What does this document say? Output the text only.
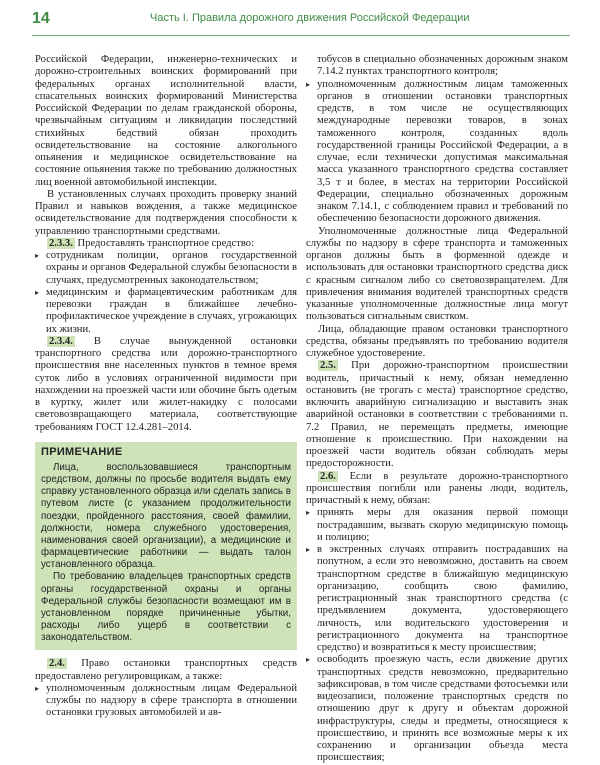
14	Часть I. Правила дорожного движения Российской Федерации

Российской Федерации, инженерно-технических и дорожно-строительных воинских формирований при федеральных органах исполнительной власти, спасательных воинских формирований Министерства Российской Федерации по делам гражданской обороны, чрезвычайным ситуациям и ликвидации последствий стихийных бедствий обязан проходить освидетельствование на состояние алкогольного опьянения и медицинское освидетельствование на состояние опьянения также по требованию должностных лиц военной автомобильной инспекции.

В установленных случаях проходить проверку знаний Правил и навыков вождения, а также медицинское освидетельствование для подтверждения способности к управлению транспортными средствами.

2.3.3. Предоставлять транспортное средство:

▸ сотрудникам полиции, органов государственной охраны и органов Федеральной службы безопасности в случаях, предусмотренных законодательством;
▸ медицинским и фармацевтическим работникам для перевозки граждан в ближайшее лечебно-профилактическое учреждение в случаях, угрожающих их жизни.

2.3.4. В случае вынужденной остановки транспортного средства или дорожно-транспортного происшествия вне населенных пунктов в темное время суток либо в условиях ограниченной видимости при нахождении на проезжей части или обочине быть одетым в куртку, жилет или жилет-накидку с полосами световозвращающего материала, соответствующие требованиям ГОСТ 12.4.281–2014.

ПРИМЕЧАНИЕ

Лица, воспользовавшиеся транспортным средством, должны по просьбе водителя выдать ему справку установленного образца или сделать запись в путевом листе (с указанием продолжительности поездки, пройденного расстояния, своей фамилии, должности, номера служебного удостоверения, наименования своей организации), а медицинские и фармацевтические работники — выдать талон установленного образца.

По требованию владельцев транспортных средств органы государственной охраны и органы Федеральной службы безопасности возмещают им в установленном порядке причиненные убытки, расходы либо ущерб в соответствии с законодательством.

2.4. Право остановки транспортных средств предоставлено регулировщикам, а также:

▸ уполномоченным должностным лицам Федеральной службы по надзору в сфере транспорта в отношении остановки грузовых автомобилей и ав-

тобусов в специально обозначенных дорожным знаком 7.14.2 пунктах транспортного контроля;

▸ уполномоченным должностным лицам таможенных органов в отношении остановки транспортных средств, в том числе не осуществляющих международные перевозки товаров, в зонах таможенного контроля, созданных вдоль государственной границы Российской Федерации, а в случае, если технически допустимая максимальная масса указанного транспортного средства составляет 3,5 т и более, в местах на территории Российской Федерации, специально обозначенных дорожным знаком 7.14.1, с соблюдением правил и требований по обеспечению безопасности дорожного движения.

Уполномоченные должностные лица Федеральной службы по надзору в сфере транспорта и таможенных органов должны быть в форменной одежде и использовать для остановки транспортного средства диск с красным сигналом либо со световозвращателем. Для привлечения внимания водителей транспортных средств указанные уполномоченные должностные лица могут пользоваться сигнальным свистком.

Лица, обладающие правом остановки транспортного средства, обязаны предъявлять по требованию водителя служебное удостоверение.

2.5. При дорожно-транспортном происшествии водитель, причастный к нему, обязан немедленно остановить (не трогать с места) транспортное средство, включить аварийную сигнализацию и выставить знак аварийной остановки в соответствии с требованиями п. 7.2 Правил, не перемещать предметы, имеющие отношение к происшествию. При нахождении на проезжей части водитель обязан соблюдать меры предосторожности.

2.6. Если в результате дорожно-транспортного происшествия погибли или ранены люди, водитель, причастный к нему, обязан:

▸ принять меры для оказания первой помощи пострадавшим, вызвать скорую медицинскую помощь и полицию;
▸ в экстренных случаях отправить пострадавших на попутном, а если это невозможно, доставить на своем транспортном средстве в ближайшую медицинскую организацию, сообщить свою фамилию, регистрационный знак транспортного средства (с предъявлением документа, удостоверяющего личность, или водительского удостоверения и регистрационного документа на транспортное средство) и возвратиться к месту происшествия;
▸ освободить проезжую часть, если движение других транспортных средств невозможно, предварительно зафиксировав, в том числе средствами фотосъемки или видеозаписи, положение транспортных средств по отношению друг к другу и объектам дорожной инфраструктуры, следы и предметы, относящиеся к происшествию, и принять все возможные меры к их сохранению и организации объезда места происшествия;
